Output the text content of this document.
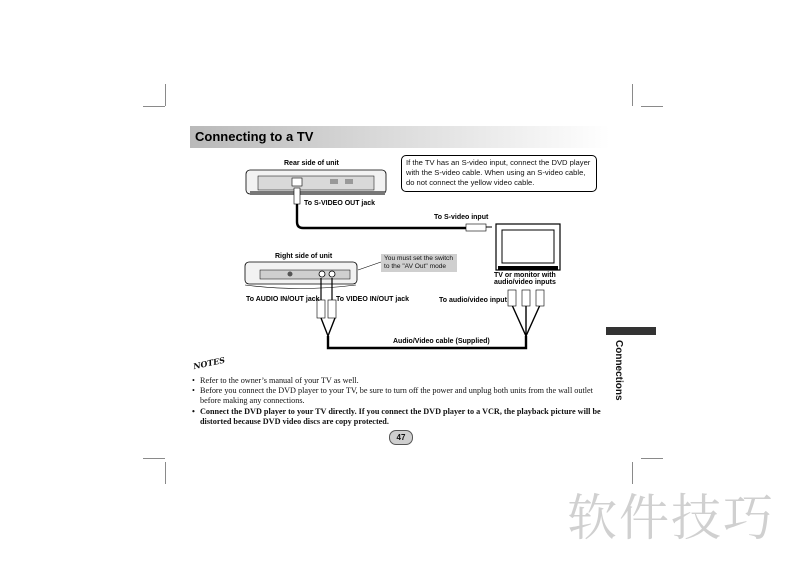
Connecting to a TV
Rear side of unit
To S-VIDEO OUT jack
To S-video input
TV or monitor with
audio/video inputs
Right side of unit
To AUDIO IN/OUT jack To VIDEO IN/OUT jack	To audio/video input
Audio/Video cable (Supplied)
You must set the switch
to the "AV Out" mode
If the TV has an S-video input, connect the DVD player
with the S-video cable. When using an S-video cable,
do not connect the yellow video cable.
Connections
NOTES
• Refer to the owner’s manual of your TV as well.
• Before you connect the DVD player to your TV, be sure to turn off the power and unplug both units from the wall outlet before making any connections.
• Connect the DVD player to your TV directly. If you connect the DVD player to a VCR, the playback picture will be distorted because DVD video discs are copy protected.
47
软件技巧
